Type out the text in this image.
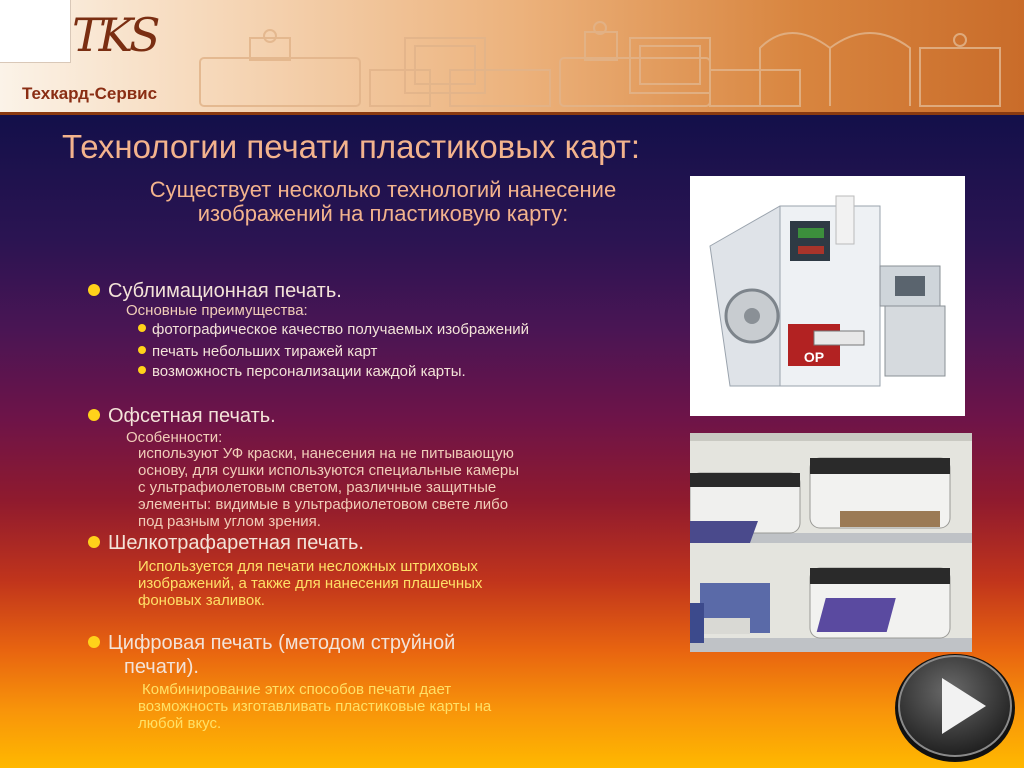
TKS
Техкард-Сервис
Технологии печати пластиковых карт:
Существует несколько технологий нанесение изображений на пластиковую карту:
Сублимационная печать.
Основные преимущества:
фотографическое качество получаемых изображений
печать небольших тиражей карт
возможность персонализации каждой карты.
Офсетная печать.
Особенности:
используют УФ краски, нанесения на не питывающую
основу, для сушки используются специальные камеры
с ультрафиолетовым светом, различные защитные
элементы: видимые в ультрафиолетовом свете либо
под разным углом зрения.
Шелкотрафаретная печать.
Используется для печати несложных штриховых
изображений, а также для нанесения плашечных
фоновых заливок.
Цифровая печать (методом струйной
печати).
Комбинирование этих способов печати дает
возможность изготавливать пластиковые карты на
любой вкус.
OP
